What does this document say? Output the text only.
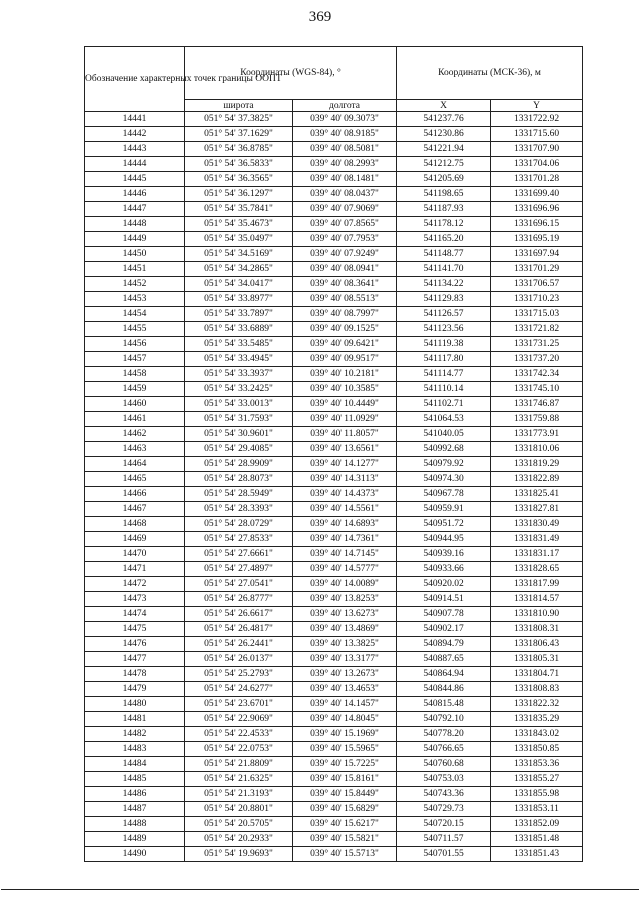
369
Обозначение характерных точек границы ООПТ	Координаты (WGS-84), °		Координаты (МСК-36), м	
	широта	долгота	X	Y
14441	051° 54' 37.3825"	039° 40' 09.3073"	541237.76	1331722.92
14442	051° 54' 37.1629"	039° 40' 08.9185"	541230.86	1331715.60
14443	051° 54' 36.8785"	039° 40' 08.5081"	541221.94	1331707.90
14444	051° 54' 36.5833"	039° 40' 08.2993"	541212.75	1331704.06
14445	051° 54' 36.3565"	039° 40' 08.1481"	541205.69	1331701.28
14446	051° 54' 36.1297"	039° 40' 08.0437"	541198.65	1331699.40
14447	051° 54' 35.7841"	039° 40' 07.9069"	541187.93	1331696.96
14448	051° 54' 35.4673"	039° 40' 07.8565"	541178.12	1331696.15
14449	051° 54' 35.0497"	039° 40' 07.7953"	541165.20	1331695.19
14450	051° 54' 34.5169"	039° 40' 07.9249"	541148.77	1331697.94
14451	051° 54' 34.2865"	039° 40' 08.0941"	541141.70	1331701.29
14452	051° 54' 34.0417"	039° 40' 08.3641"	541134.22	1331706.57
14453	051° 54' 33.8977"	039° 40' 08.5513"	541129.83	1331710.23
14454	051° 54' 33.7897"	039° 40' 08.7997"	541126.57	1331715.03
14455	051° 54' 33.6889"	039° 40' 09.1525"	541123.56	1331721.82
14456	051° 54' 33.5485"	039° 40' 09.6421"	541119.38	1331731.25
14457	051° 54' 33.4945"	039° 40' 09.9517"	541117.80	1331737.20
14458	051° 54' 33.3937"	039° 40' 10.2181"	541114.77	1331742.34
14459	051° 54' 33.2425"	039° 40' 10.3585"	541110.14	1331745.10
14460	051° 54' 33.0013"	039° 40' 10.4449"	541102.71	1331746.87
14461	051° 54' 31.7593"	039° 40' 11.0929"	541064.53	1331759.88
14462	051° 54' 30.9601"	039° 40' 11.8057"	541040.05	1331773.91
14463	051° 54' 29.4085"	039° 40' 13.6561"	540992.68	1331810.06
14464	051° 54' 28.9909"	039° 40' 14.1277"	540979.92	1331819.29
14465	051° 54' 28.8073"	039° 40' 14.3113"	540974.30	1331822.89
14466	051° 54' 28.5949"	039° 40' 14.4373"	540967.78	1331825.41
14467	051° 54' 28.3393"	039° 40' 14.5561"	540959.91	1331827.81
14468	051° 54' 28.0729"	039° 40' 14.6893"	540951.72	1331830.49
14469	051° 54' 27.8533"	039° 40' 14.7361"	540944.95	1331831.49
14470	051° 54' 27.6661"	039° 40' 14.7145"	540939.16	1331831.17
14471	051° 54' 27.4897"	039° 40' 14.5777"	540933.66	1331828.65
14472	051° 54' 27.0541"	039° 40' 14.0089"	540920.02	1331817.99
14473	051° 54' 26.8777"	039° 40' 13.8253"	540914.51	1331814.57
14474	051° 54' 26.6617"	039° 40' 13.6273"	540907.78	1331810.90
14475	051° 54' 26.4817"	039° 40' 13.4869"	540902.17	1331808.31
14476	051° 54' 26.2441"	039° 40' 13.3825"	540894.79	1331806.43
14477	051° 54' 26.0137"	039° 40' 13.3177"	540887.65	1331805.31
14478	051° 54' 25.2793"	039° 40' 13.2673"	540864.94	1331804.71
14479	051° 54' 24.6277"	039° 40' 13.4653"	540844.86	1331808.83
14480	051° 54' 23.6701"	039° 40' 14.1457"	540815.48	1331822.32
14481	051° 54' 22.9069"	039° 40' 14.8045"	540792.10	1331835.29
14482	051° 54' 22.4533"	039° 40' 15.1969"	540778.20	1331843.02
14483	051° 54' 22.0753"	039° 40' 15.5965"	540766.65	1331850.85
14484	051° 54' 21.8809"	039° 40' 15.7225"	540760.68	1331853.36
14485	051° 54' 21.6325"	039° 40' 15.8161"	540753.03	1331855.27
14486	051° 54' 21.3193"	039° 40' 15.8449"	540743.36	1331855.98
14487	051° 54' 20.8801"	039° 40' 15.6829"	540729.73	1331853.11
14488	051° 54' 20.5705"	039° 40' 15.6217"	540720.15	1331852.09
14489	051° 54' 20.2933"	039° 40' 15.5821"	540711.57	1331851.48
14490	051° 54' 19.9693"	039° 40' 15.5713"	540701.55	1331851.43
